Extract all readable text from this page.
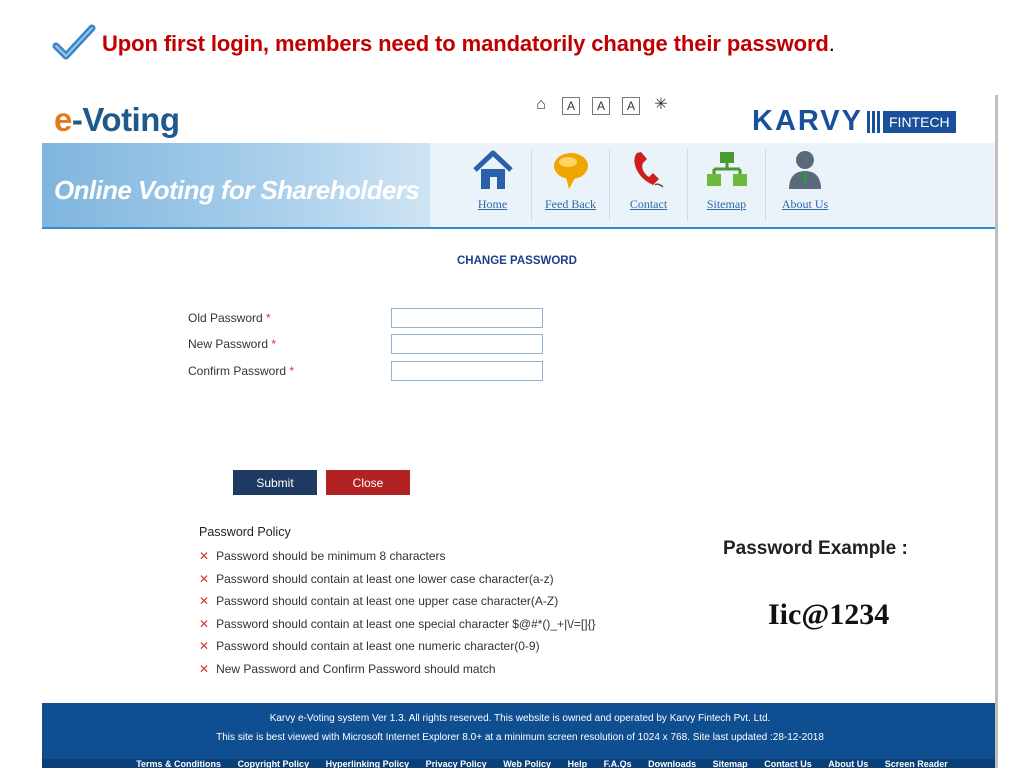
Upon first login, members need to mandatorily change their password .
e-Voting	⌂	A	A	A	✳
KARVY	FINTECH
Online Voting for Shareholders	Home	Feed Back	Contact	Sitemap	About Us
CHANGE PASSWORD
Old Password *
New Password *
Confirm Password *
Submit	Close
Password Policy
✕ Password should be minimum 8 characters
✕ Password should contain at least one lower case character(a-z)
✕ Password should contain at least one upper case character(A-Z)
✕ Password should contain at least one special character $@#*()_+|\/=[]{}
✕ Password should contain at least one numeric character(0-9)
✕ New Password and Confirm Password should match
Karvy e-Voting system Ver 1.3. All rights reserved. This website is owned and operated by Karvy Fintech Pvt. Ltd.
This site is best viewed with Microsoft Internet Explorer 8.0+ at a minimum screen resolution of 1024 x 768. Site last updated :28-12-2018
Terms & Conditions Copyright Policy Hyperlinking Policy Privacy Policy Web Policy Help F.A.Qs Downloads Sitemap Contact Us About Us Screen Reader
Password Example :
Iic@1234
